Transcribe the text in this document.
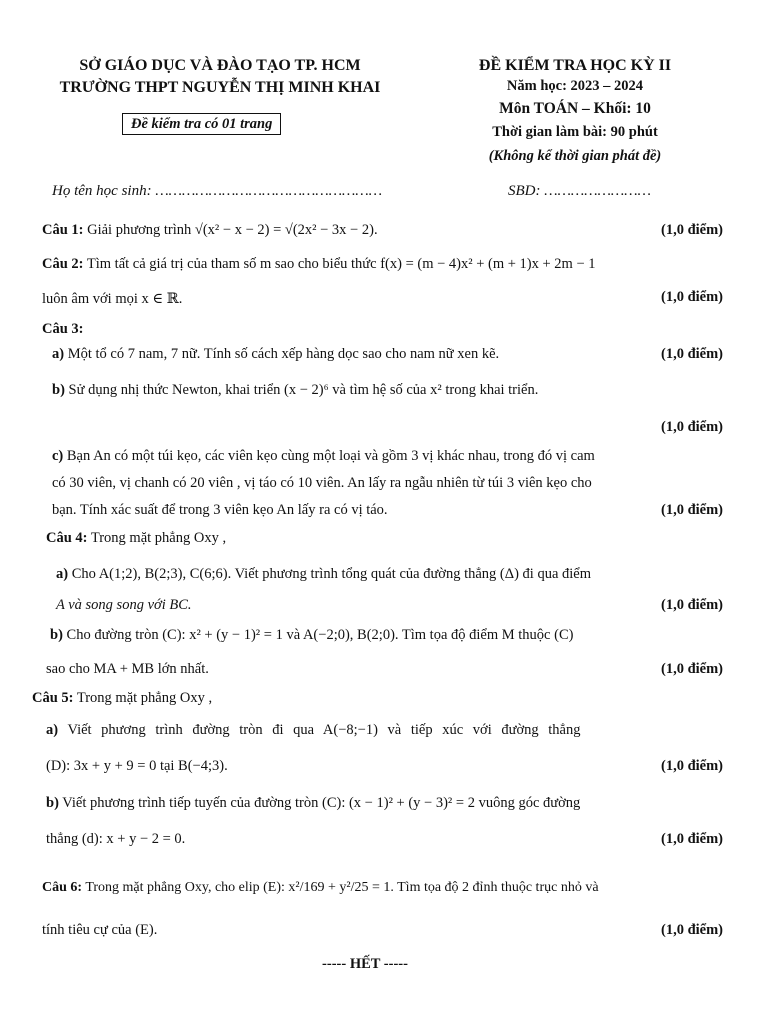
SỞ GIÁO DỤC VÀ ĐÀO TẠO TP. HCM
TRƯỜNG THPT NGUYỄN THỊ MINH KHAI
Đề kiểm tra có 01 trang
ĐỀ KIỂM TRA HỌC KỲ II
Năm học: 2023 – 2024
Môn TOÁN – Khối: 10
Thời gian làm bài: 90 phút
(Không kể thời gian phát đề)
Họ tên học sinh: ……………………………………………	SBD: ……………………
Câu 1: Giải phương trình √(x² − x − 2) = √(2x² − 3x − 2).	(1,0 điểm)
Câu 2: Tìm tất cả giá trị của tham số m sao cho biểu thức f(x) = (m − 4)x² + (m + 1)x + 2m − 1
luôn âm với mọi x ∈ ℝ.	(1,0 điểm)
Câu 3:
a) Một tổ có 7 nam, 7 nữ. Tính số cách xếp hàng dọc sao cho nam nữ xen kẽ.	(1,0 điểm)
b) Sử dụng nhị thức Newton, khai triển (x − 2)⁶ và tìm hệ số của x² trong khai triển.
(1,0 điểm)
c) Bạn An có một túi kẹo, các viên kẹo cùng một loại và gồm 3 vị khác nhau, trong đó vị cam
có 30 viên, vị chanh có 20 viên , vị táo có 10 viên. An lấy ra ngẫu nhiên từ túi 3 viên kẹo cho
bạn. Tính xác suất để trong 3 viên kẹo An lấy ra có vị táo.	(1,0 điểm)
Câu 4: Trong mặt phẳng Oxy ,
a) Cho A(1;2), B(2;3), C(6;6). Viết phương trình tổng quát của đường thẳng (Δ) đi qua điểm
A và song song với BC.	(1,0 điểm)
b) Cho đường tròn (C): x² + (y − 1)² = 1 và A(−2;0), B(2;0). Tìm tọa độ điểm M thuộc (C)
sao cho MA + MB lớn nhất.	(1,0 điểm)
Câu 5: Trong mặt phẳng Oxy ,
a) Viết phương trình đường tròn đi qua A(−8;−1) và tiếp xúc với đường thẳng
(D): 3x + y + 9 = 0 tại B(−4;3).	(1,0 điểm)
b) Viết phương trình tiếp tuyến của đường tròn (C): (x − 1)² + (y − 3)² = 2 vuông góc đường
thẳng (d): x + y − 2 = 0.	(1,0 điểm)
Câu 6: Trong mặt phẳng Oxy, cho elip (E): x²/169 + y²/25 = 1. Tìm tọa độ 2 đỉnh thuộc trục nhỏ và
tính tiêu cự của (E).	(1,0 điểm)
----- HẾT -----
